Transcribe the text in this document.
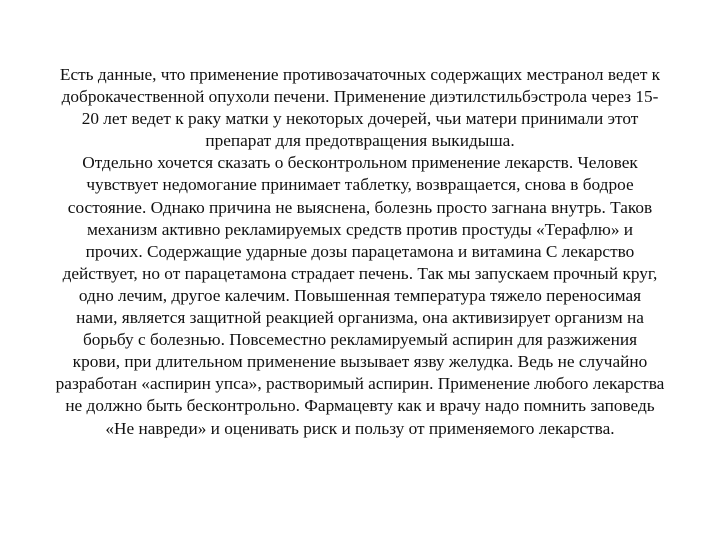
Есть данные, что применение противозачаточных содержащих местранол ведет к
доброкачественной опухоли печени. Применение диэтилстильбэстрола через 15-
20 лет ведет к раку матки у некоторых дочерей, чьи матери принимали этот
препарат для предотвращения выкидыша.
Отдельно хочется сказать о бесконтрольном применение лекарств. Человек
чувствует недомогание принимает таблетку, возвращается, снова в бодрое
состояние. Однако причина не выяснена, болезнь просто загнана внутрь. Таков
механизм активно рекламируемых средств против простуды «Терафлю» и
прочих. Содержащие ударные дозы парацетамона и витамина С лекарство
действует, но от парацетамона страдает печень. Так мы запускаем прочный круг,
одно лечим, другое калечим. Повышенная температура тяжело переносимая
нами, является защитной реакцией организма, она активизирует организм на
борьбу с болезнью. Повсеместно рекламируемый аспирин для разжижения
крови, при длительном применение вызывает язву желудка. Ведь не случайно
разработан «аспирин упса», растворимый аспирин. Применение любого лекарства
не должно быть бесконтрольно. Фармацевту как и врачу надо помнить заповедь
«Не навреди» и оценивать риск и пользу от применяемого лекарства.
